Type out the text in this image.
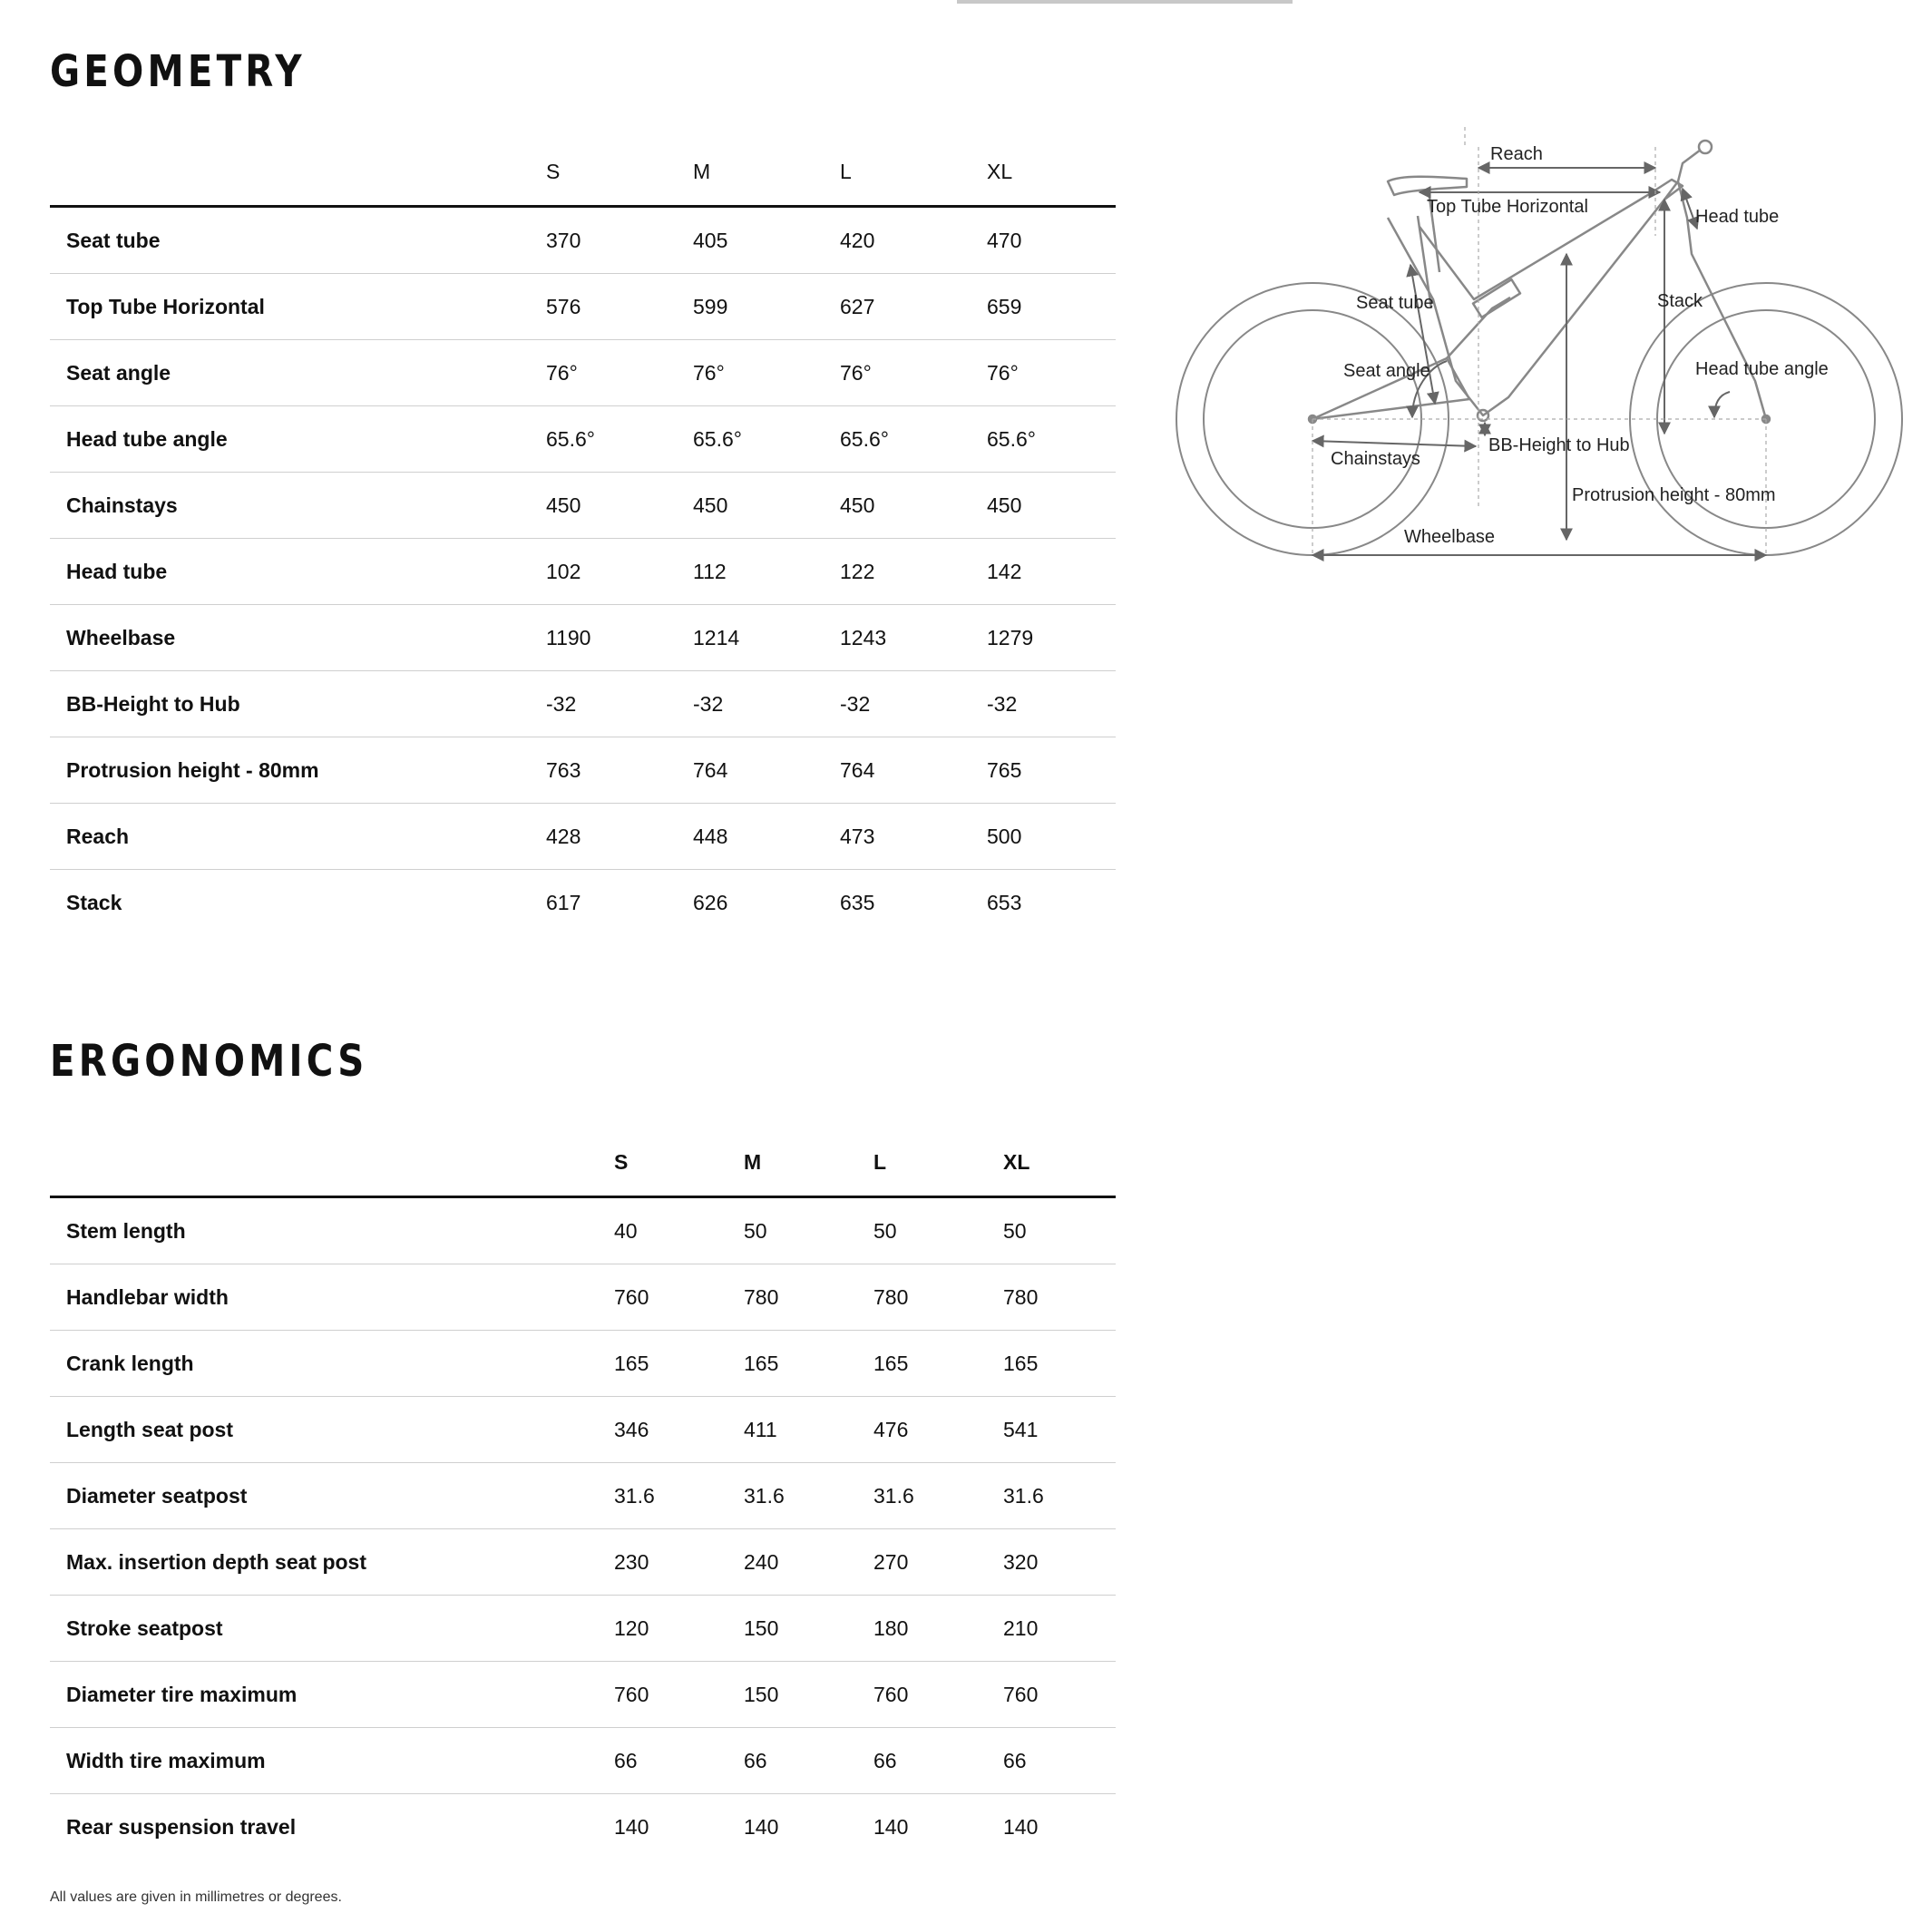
GEOMETRY
	S	M	L	XL
Seat tube	370	405	420	470
Top Tube Horizontal	576	599	627	659
Seat angle	76°	76°	76°	76°
Head tube angle	65.6°	65.6°	65.6°	65.6°
Chainstays	450	450	450	450
Head tube	102	112	122	142
Wheelbase	1190	1214	1243	1279
BB-Height to Hub	-32	-32	-32	-32
Protrusion height - 80mm	763	764	764	765
Reach	428	448	473	500
Stack	617	626	635	653
ERGONOMICS
	S	M	L	XL
Stem length	40	50	50	50
Handlebar width	760	780	780	780
Crank length	165	165	165	165
Length seat post	346	411	476	541
Diameter seatpost	31.6	31.6	31.6	31.6
Max. insertion depth seat post	230	240	270	320
Stroke seatpost	120	150	180	210
Diameter tire maximum	760	150	760	760
Width tire maximum	66	66	66	66
Rear suspension travel	140	140	140	140

All values are given in millimetres or degrees.

Reach
Top Tube Horizontal	Head tube
Seat tube	Stack
Seat angle	Head tube angle
Chainstays
BB-Height to Hub
Protrusion height - 80mm
Wheelbase
